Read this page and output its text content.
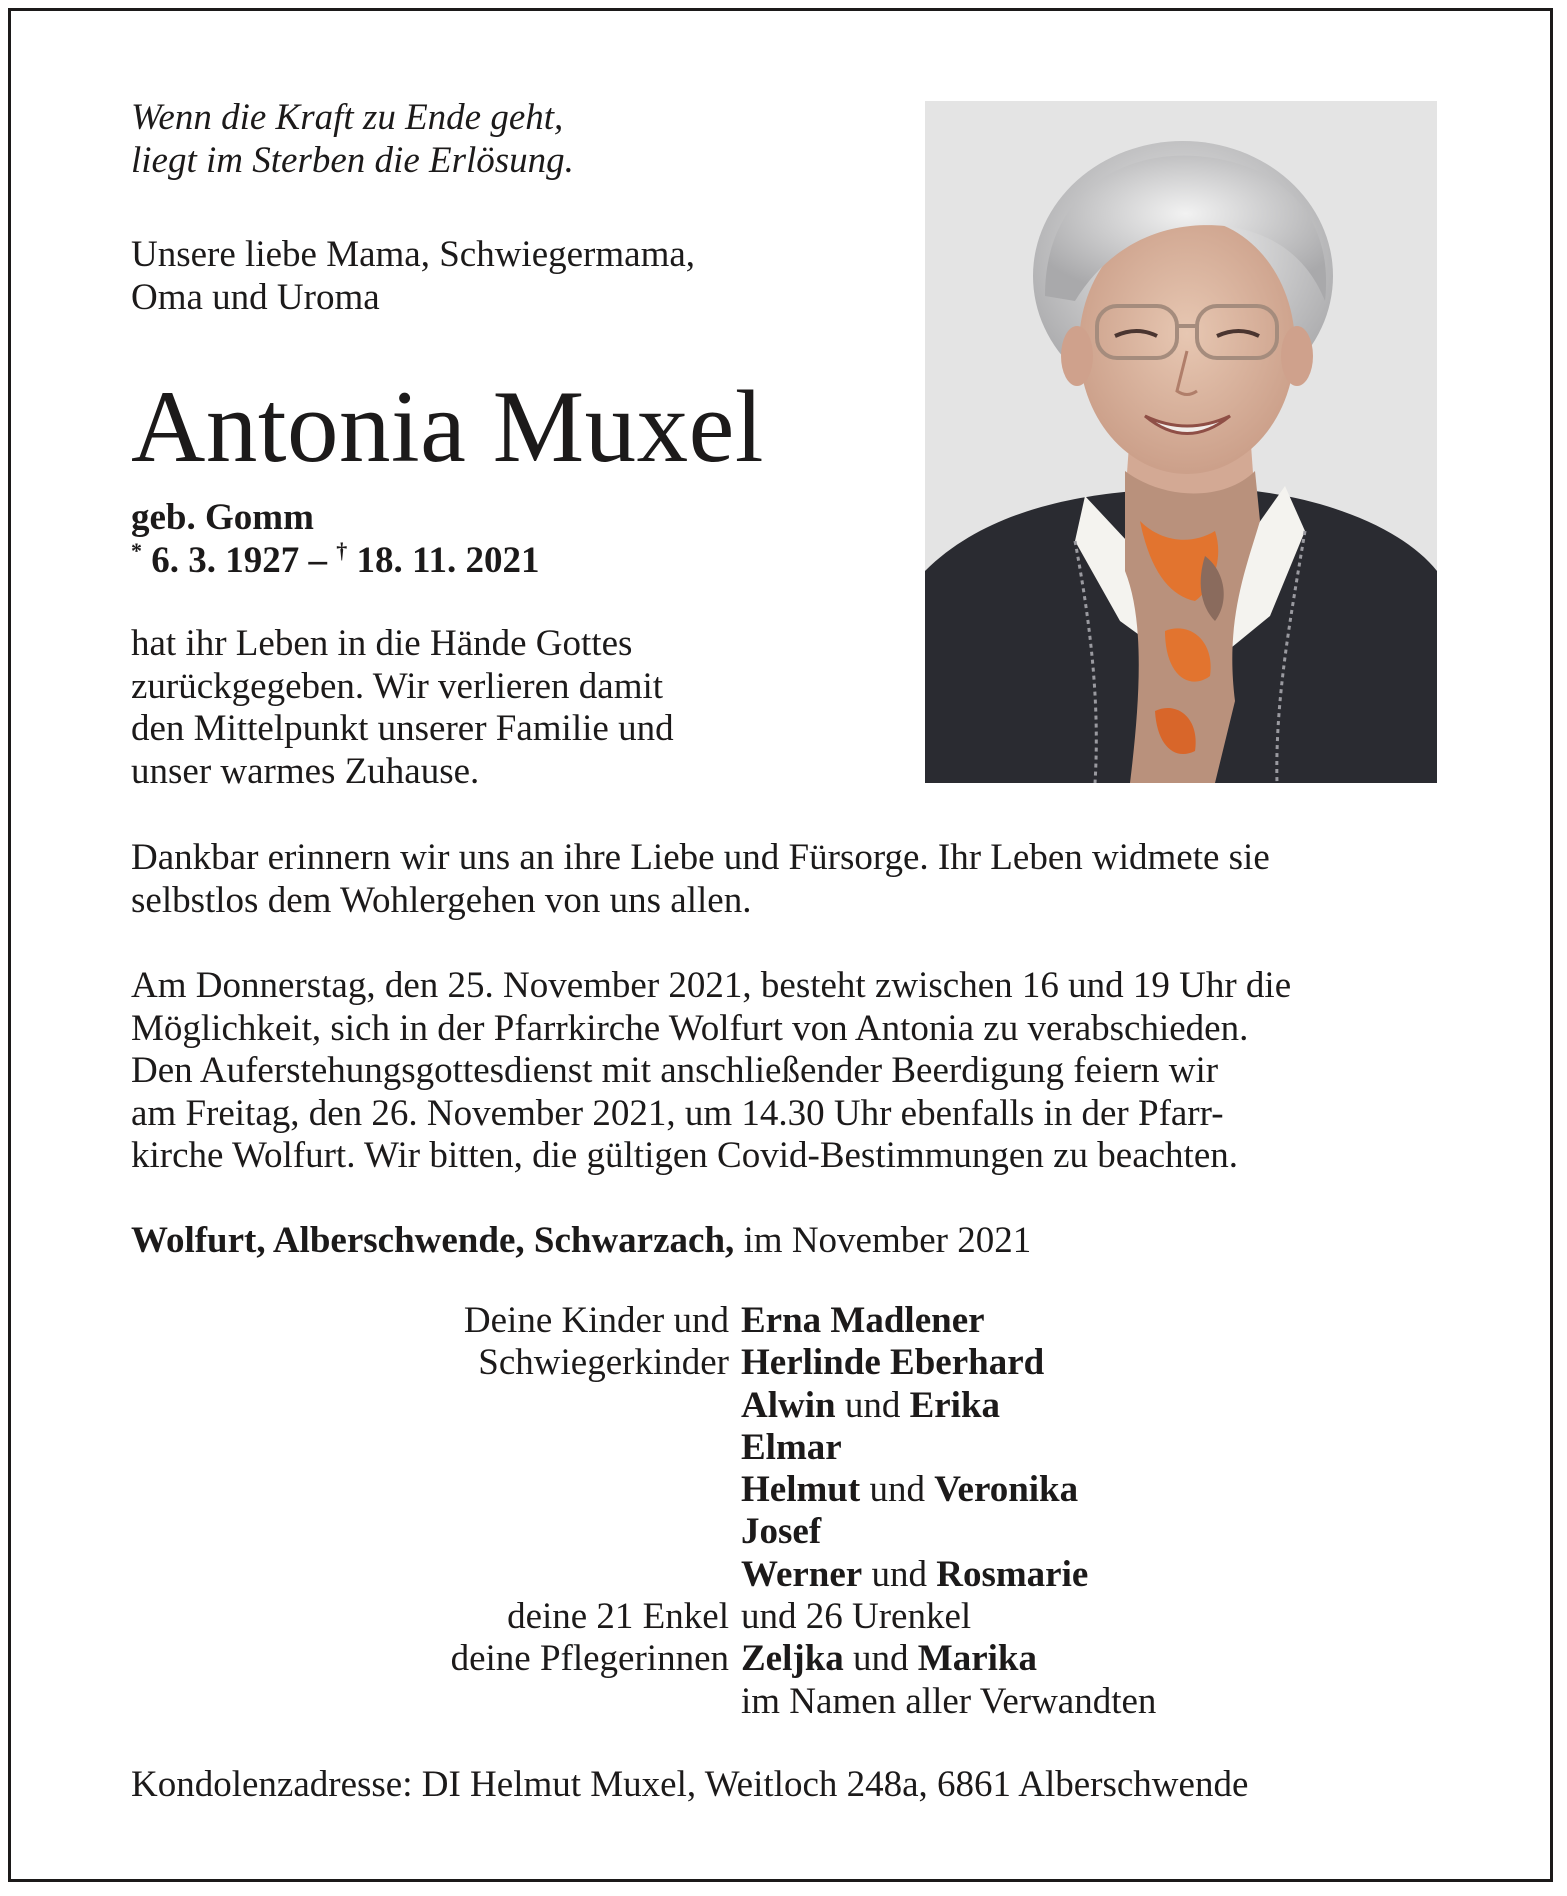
Wenn die Kraft zu Ende geht,
liegt im Sterben die Erlösung.
Unsere liebe Mama, Schwiegermama,
Oma und Uroma
Antonia Muxel
geb. Gomm
* 6. 3. 1927 – † 18. 11. 2021
hat ihr Leben in die Hände Gottes
zurückgegeben. Wir verlieren damit
den Mittelpunkt unserer Familie und
unser warmes Zuhause.
Dankbar erinnern wir uns an ihre Liebe und Fürsorge. Ihr Leben widmete sie
selbstlos dem Wohlergehen von uns allen.
Am Donnerstag, den 25. November 2021, besteht zwischen 16 und 19 Uhr die
Möglichkeit, sich in der Pfarrkirche Wolfurt von Antonia zu verabschieden.
Den Auferstehungsgottesdienst mit anschließender Beerdigung feiern wir
am Freitag, den 26. November 2021, um 14.30 Uhr ebenfalls in der Pfarr-
kirche Wolfurt. Wir bitten, die gültigen Covid-Bestimmungen zu beachten.
Wolfurt, Alberschwende, Schwarzach, im November 2021
Deine Kinder und Erna Madlener
Schwiegerkinder Herlinde Eberhard
Alwin und Erika
Elmar
Helmut und Veronika
Josef
Werner und Rosmarie
deine 21 Enkel und 26 Urenkel
deine Pflegerinnen Zeljka und Marika
im Namen aller Verwandten
Kondolenzadresse: DI Helmut Muxel, Weitloch 248a, 6861 Alberschwende
